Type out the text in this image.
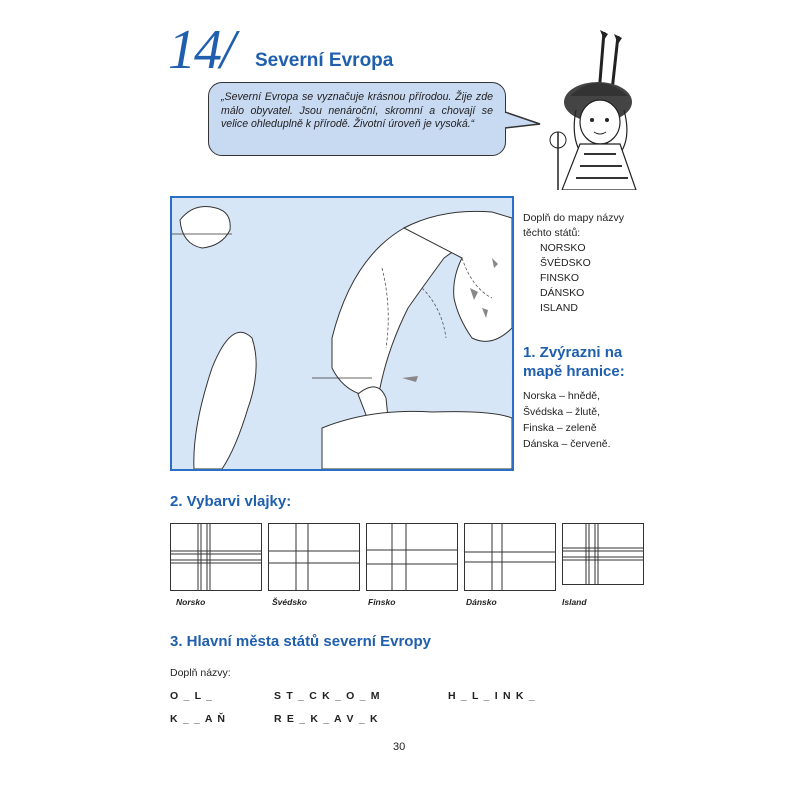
14/ Severní Evropa
„Severní Evropa se vyznačuje krásnou přírodou. Žije zde málo obyvatel. Jsou nenároční, skromní a chovají se velice ohleduplně k přírodě. Životní úroveň je vysoká.“
Doplň do mapy názvy
těchto států:
NORSKO
ŠVÉDSKO
FINSKO
DÁNSKO
ISLAND
1. Zvýrazni na
mapě hranice:
Norska – hnědě,
Švédska – žlutě,
Finska – zeleně
Dánska – červeně.
2. Vybarvi vlajky:
Norsko	Švédsko	Finsko	Dánsko	Island
3. Hlavní města států severní Evropy
Doplň názvy:
O _ L _	S T _ C K _ O _ M	H _ L _ I N K _
K _ _ A Ň	R E _ K _ A V _ K
30
